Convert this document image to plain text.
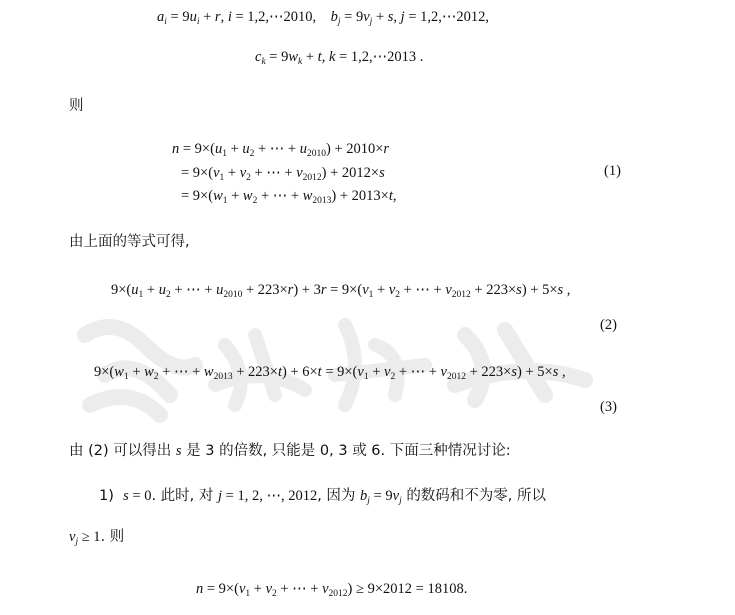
$a_i = 9u_i + r$, i = 1,2,⋯2010,    $b_j = 9v_j + s$, j = 1,2,⋯2012,
$c_k = 9w_k + t$, k = 1,2,⋯2013 .
则
$n = 9\times(u_1 + u_2$ + ⋯ + $u_{2010}) + 2010\times r$
= $9\times(v_1 + v_2$ + ⋯ + $v_{2012}) + 2012\times s$
= $9\times(w_1 + w_2$ + ⋯ + $w_{2013}) + 2013\times t$,
(1)
由上面的等式可得,
$9\times(u_1 + u_2$ + ⋯ + $u_{2010} + 223\times r) + 3r = 9\times(v_1 + v_2$ + ⋯ + $v_{2012} + 223\times s) + 5\times s$ ,
(2)
$9\times(w_1 + w_2$ + ⋯ + $w_{2013} + 223\times t) + 6\times t = 9\times(v_1 + v_2$ + ⋯ + $v_{2012} + 223\times s) + 5\times s$ ,
(3)
由 (2) 可以得出 s 是 3 的倍数, 只能是 0, 3 或 6. 下面三种情况讨论:
1) s = 0. 此时, 对 j = 1, 2, ⋯, 2012, 因为 $b_j = 9v_j$ 的数码和不为零, 所以
$v_j \ge 1$. 则
$n = 9\times(v_1 + v_2$ + ⋯ + $v_{2012}) \ge 9\times 2012 = 18108$.
